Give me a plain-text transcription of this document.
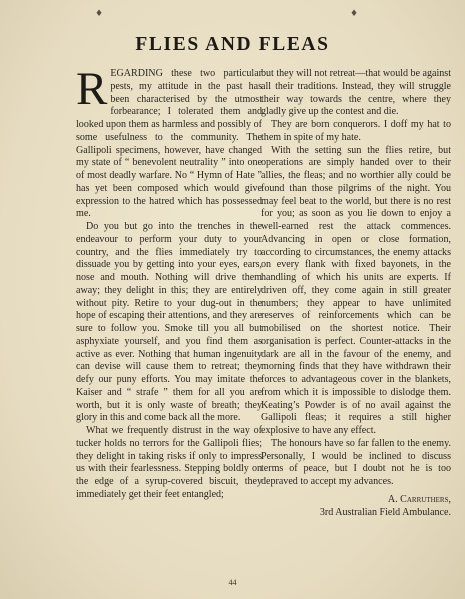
♦	♦
FLIES AND FLEAS

REGARDING these two particular pests, my attitude in the past has been characterised by the utmost forbearance; I tolerated them and looked upon them as harmless and possibly of some usefulness to the community. The Gallipoli specimens, however, have changed my state of “ benevolent neutrality ” into one of most deadly warfare. No “ Hymn of Hate ” has yet been composed which would give expression to the hatred which has possessed me.

Do you but go into the trenches in the endeavour to perform your duty to your country, and the flies immediately try to dissuade you by getting into your eyes, ears, nose and mouth. Nothing will drive them away; they delight in this; they are entirely without pity. Retire to your dug-out in the hope of escaping their attentions, and they are sure to follow you. Smoke till you all but asphyxiate yourself, and you find them as active as ever. Nothing that human ingenuity can devise will cause them to retreat; they defy our puny efforts. You may imitate the Kaiser and “ strafe ” them for all you are worth, but it is only waste of breath; they glory in this and come back all the more.

What we frequently distrust in the way of tucker holds no terrors for the Gallipoli flies; they delight in taking risks if only to impress us with their fearlessness. Stepping boldly on the edge of a syrup-covered biscuit, they immediately get their feet entangled;

but they will not retreat—that would be against all their traditions. Instead, they will struggle their way towards the centre, where they gladly give up the contest and die.

They are born conquerors. I doff my hat to them in spite of my hate.

With the setting sun the flies retire, but operations are simply handed over to their allies, the fleas; and no worthier ally could be found than those pilgrims of the night. You may feel beat to the world, but there is no rest for you; as soon as you lie down to enjoy a well-earned rest the attack commences. Advancing in open or close formation, according to circumstances, the enemy attacks on every flank with fixed bayonets, in the handling of which his units are experts. If driven off, they come again in still greater numbers; they appear to have unlimited reserves of reinforcements which can be mobilised on the shortest notice. Their organisation is perfect. Counter-attacks in the dark are all in the favour of the enemy, and morning finds that they have withdrawn their forces to advantageous cover in the blankets, from which it is impossible to dislodge them. Keating’s Powder is of no avail against the Gallipoli fleas; it requires a still higher explosive to have any effect.

The honours have so far fallen to the enemy. Personally, I would be inclined to discuss terms of peace, but I doubt not he is too depraved to accept my advances.

A. Carruthers,
3rd Australian Field Ambulance.
44
